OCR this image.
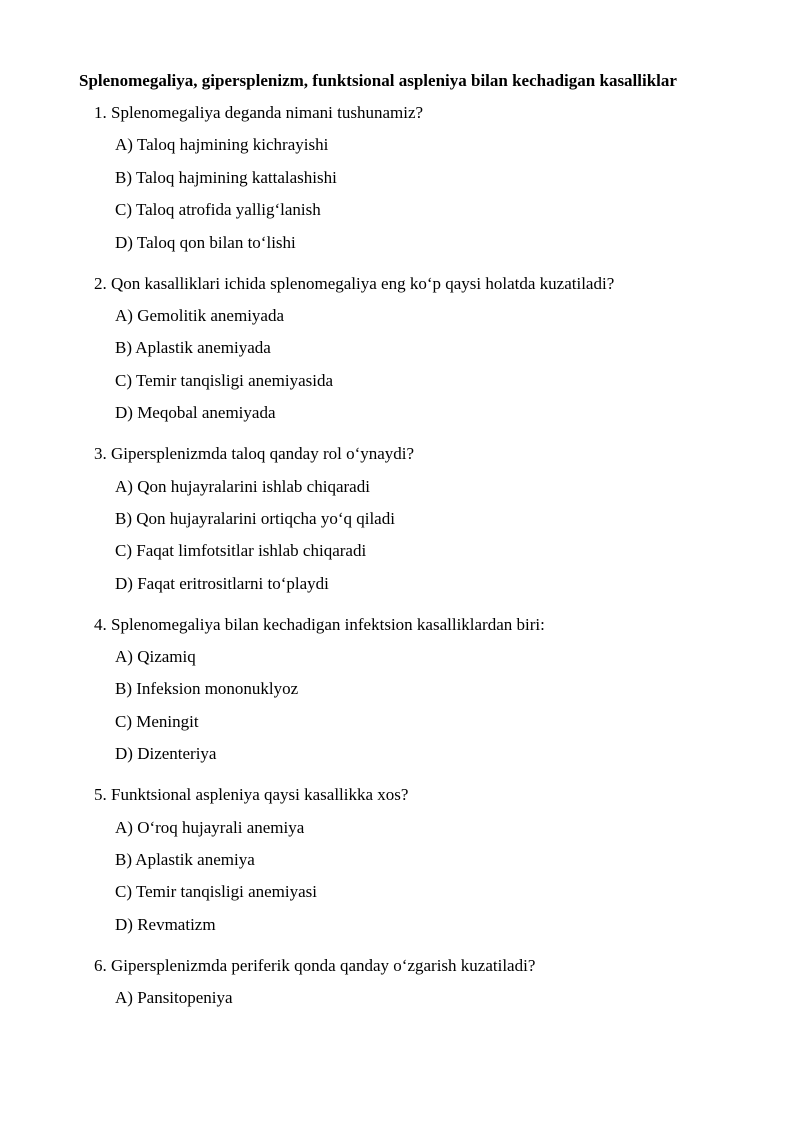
Splenomegaliya, gipersplenizm, funktsional aspleniya bilan kechadigan kasalliklar
1. Splenomegaliya deganda nimani tushunamiz?
A) Taloq hajmining kichrayishi
B) Taloq hajmining kattalashishi
C) Taloq atrofida yallig‘lanish
D) Taloq qon bilan to‘lishi
2. Qon kasalliklari ichida splenomegaliya eng ko‘p qaysi holatda kuzatiladi?
A) Gemolitik anemiyada
B) Aplastik anemiyada
C) Temir tanqisligi anemiyasida
D) Meqobal anemiyada
3. Gipersplenizmda taloq qanday rol o‘ynaydi?
A) Qon hujayralarini ishlab chiqaradi
B) Qon hujayralarini ortiqcha yo‘q qiladi
C) Faqat limfotsitlar ishlab chiqaradi
D) Faqat eritrositlarni to‘playdi
4. Splenomegaliya bilan kechadigan infektsion kasalliklardan biri:
A) Qizamiq
B) Infeksion mononuklyoz
C) Meningit
D) Dizenteriya
5. Funktsional aspleniya qaysi kasallikka xos?
A) O‘roq hujayrali anemiya
B) Aplastik anemiya
C) Temir tanqisligi anemiyasi
D) Revmatizm
6. Gipersplenizmda periferik qonda qanday o‘zgarish kuzatiladi?
A) Pansitopeniya
